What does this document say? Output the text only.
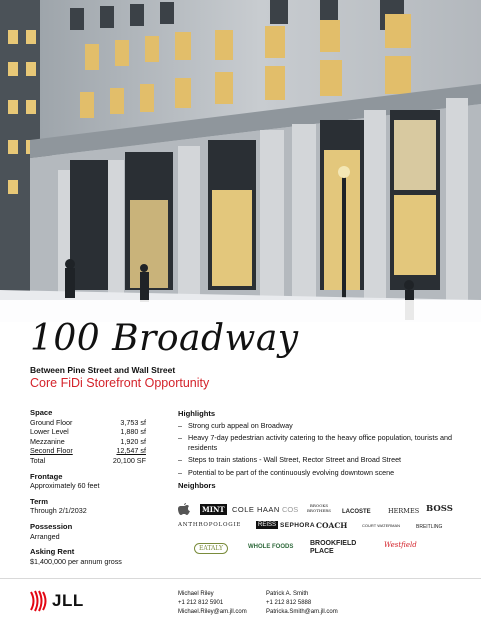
100 Broadway
Between Pine Street and Wall Street
Core FiDi Storefront Opportunity
Space
Ground Floor	3,753 sf
Lower Level	1,880 sf
Mezzanine	1,920 sf
Second Floor	12,547 sf
Total	20,100 SF
Frontage
Approximately 60 feet
Term
Through 2/1/2032
Possession
Arranged
Asking Rent
$1,400,000 per annum gross
Highlights
– Strong curb appeal on Broadway
– Heavy 7-day pedestrian activity catering to the heavy office population, tourists and residents
– Steps to train stations - Wall Street, Rector Street and Broad Street
– Potential to be part of the continuously evolving downtown scene
Neighbors
MINT COLE HAAN COS	BROOKS BROTHERS LACOSTE	HERMES BOSS
ANTHROPOLOGIE	REISS SEPHORA COACH	COURT WATERMAN	BREITLING
EATALY	WHOLE FOODS BROOKFIELD PLACE
Westfield
JLL	Michael Riley
+1 212 812 5901
Michael.Riley@am.jll.com
Patrick A. Smith
+1 212 812 5888
Patricka.Smith@am.jll.com
